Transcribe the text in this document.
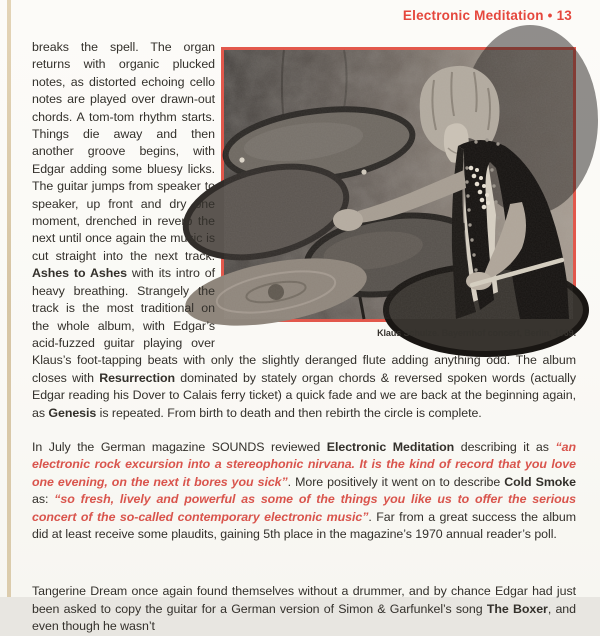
Electronic Meditation • 13
Klaus Schulze. Bayernhof concert, Berlin, 1969.
breaks the spell. The organ returns with organic plucked notes, as distorted echoing cello notes are played over drawn-out chords. A tom-tom rhythm starts. Things die away and then another groove begins, with Edgar adding some bluesy licks. The guitar jumps from speaker to speaker, up front and dry one moment, drenched in reverb the next until once again the music is cut straight into the next track: Ashes to Ashes with its intro of heavy breathing. Strangely the track is the most traditional on the whole album, with Edgar’s acid-fuzzed guitar playing over Klaus’s foot-tapping beats with only the slightly deranged flute adding anything odd. The album closes with Resurrection dominated by stately organ chords & reversed spoken words (actually Edgar reading his Dover to Calais ferry ticket) a quick fade and we are back at the beginning again, as Genesis is repeated. From birth to death and then rebirth the circle is complete.
In July the German magazine SOUNDS reviewed Electronic Meditation describing it as “an electronic rock excursion into a stereophonic nirvana. It is the kind of record that you love one evening, on the next it bores you sick”. More positively it went on to describe Cold Smoke as: “so fresh, lively and powerful as some of the things you like us to offer the serious concert of the so-called contemporary electronic music”. Far from a great success the album did at least receive some plaudits, gaining 5th place in the magazine’s 1970 annual reader’s poll.
Tangerine Dream once again found themselves without a drummer, and by chance Edgar had just been asked to copy the guitar for a German version of Simon & Garfunkel’s song The Boxer, and even though he wasn’t
